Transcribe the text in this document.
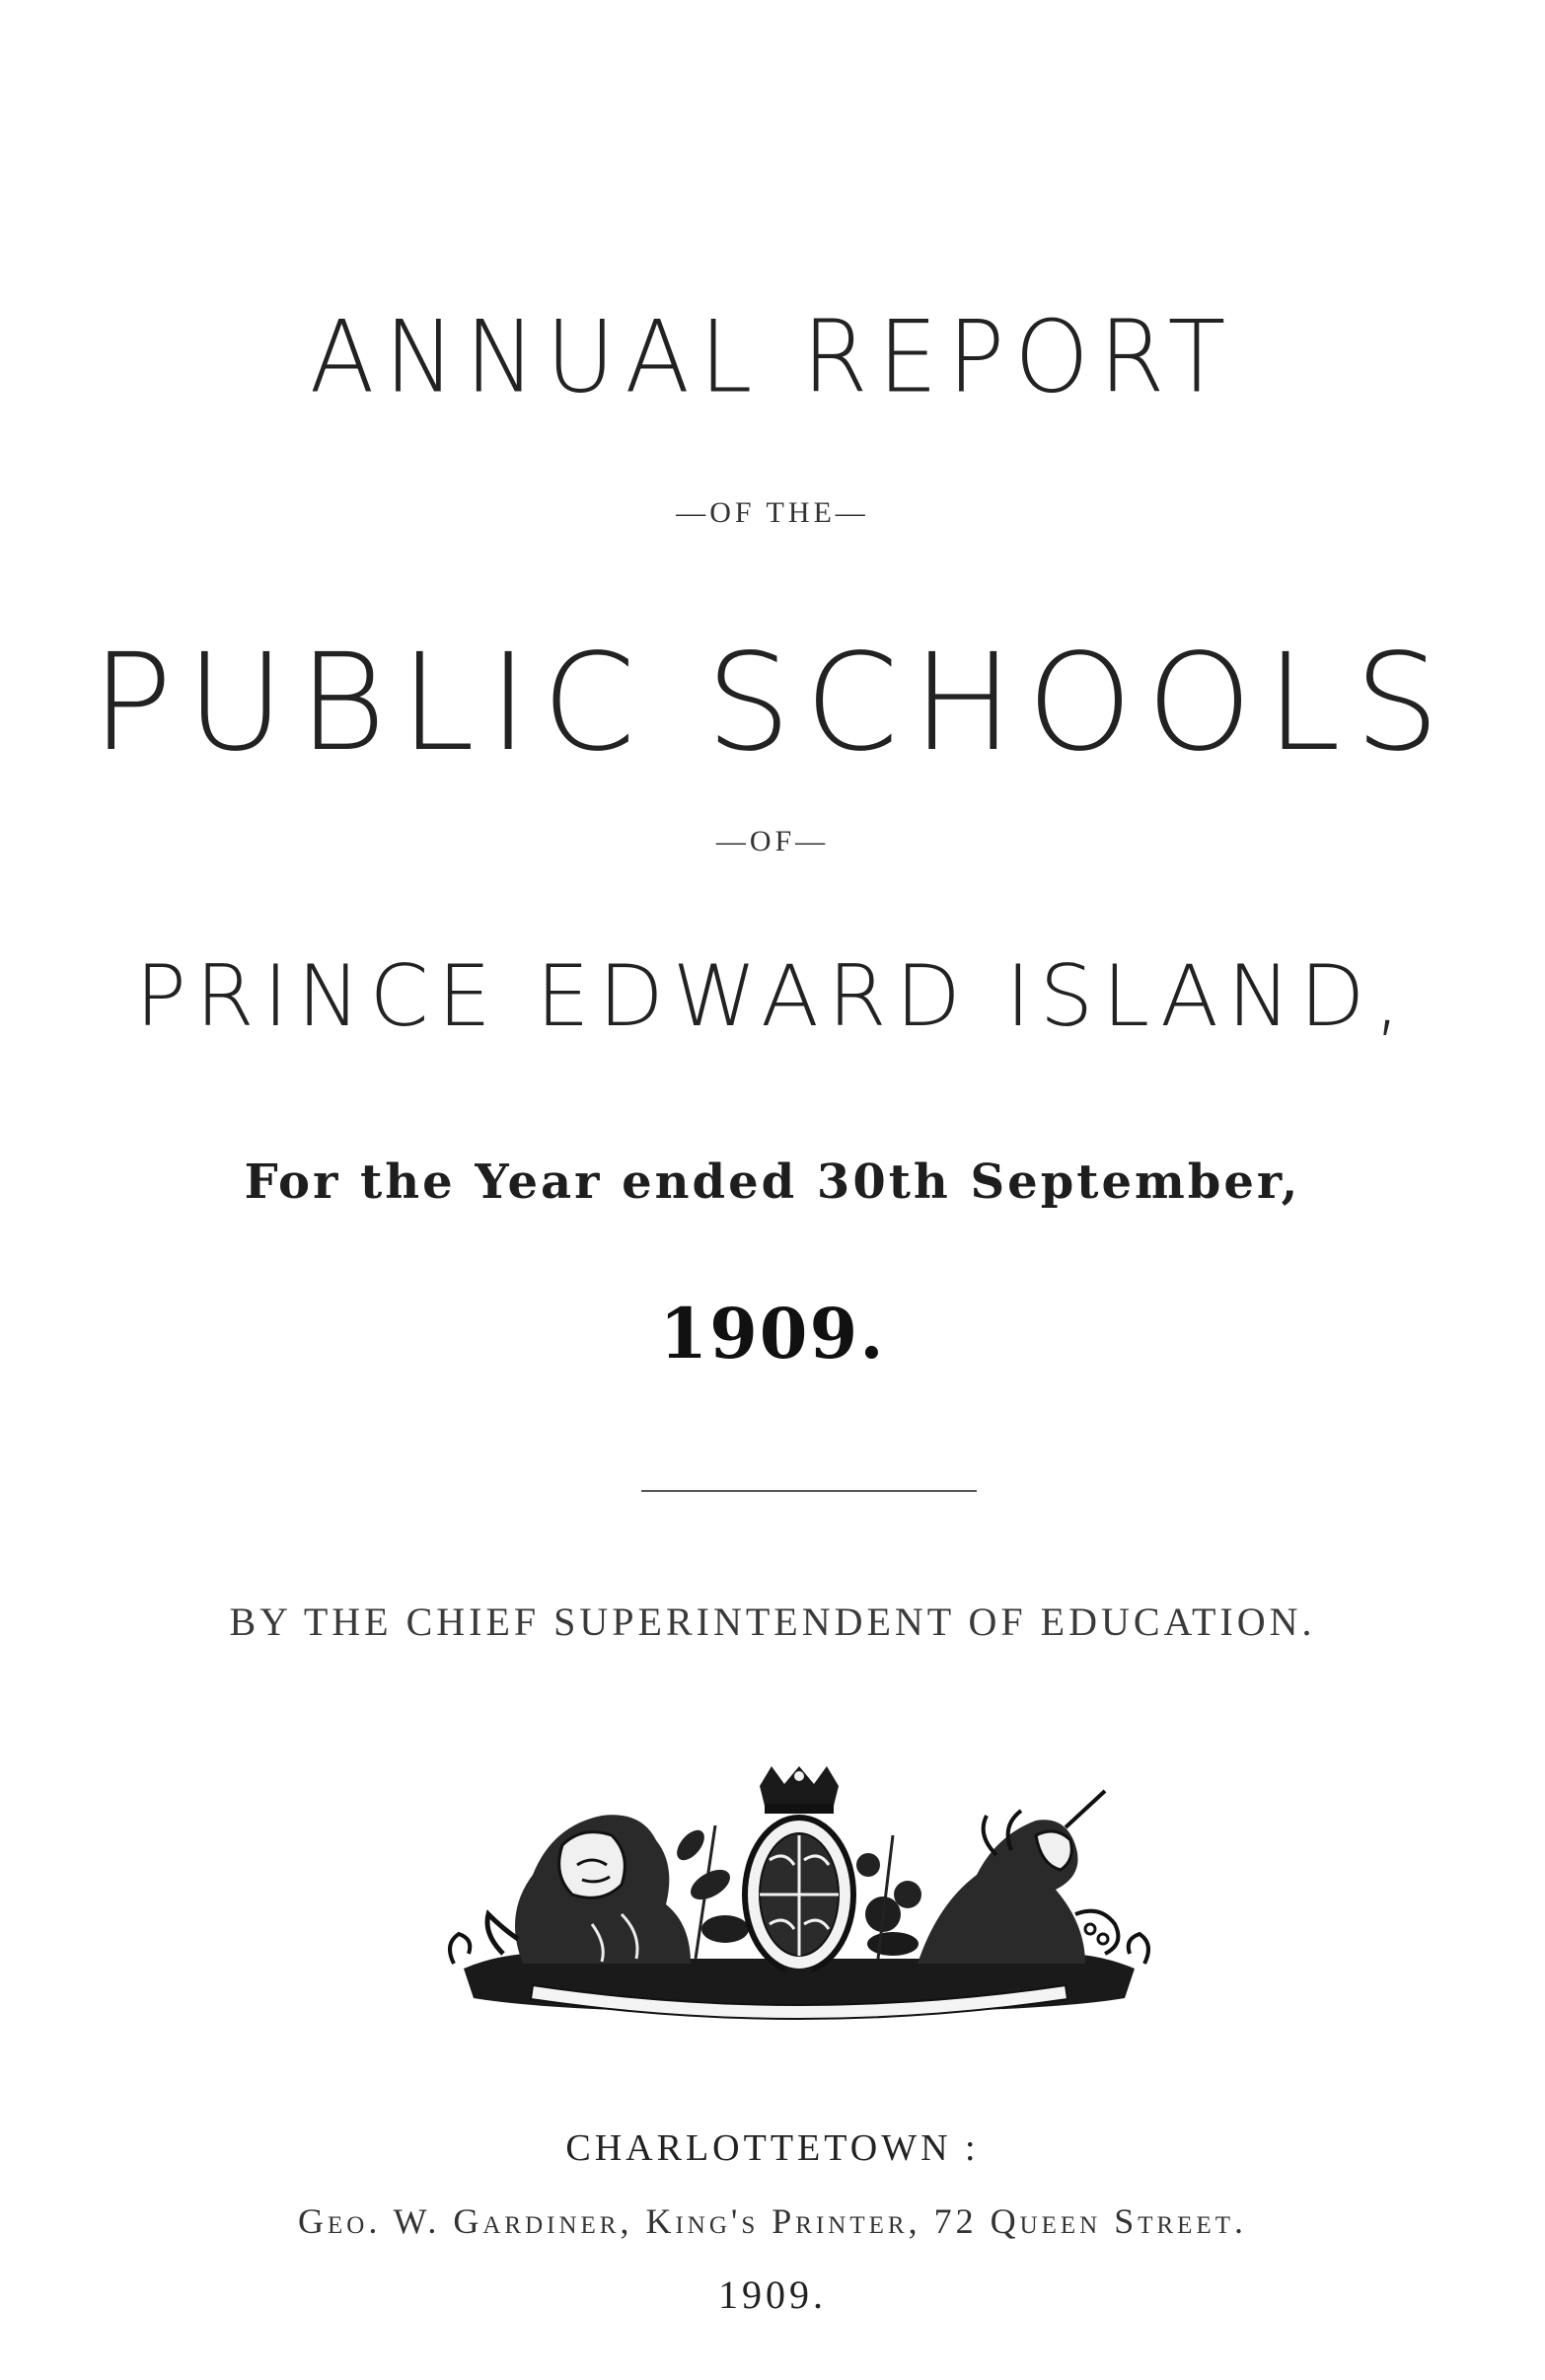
ANNUAL REPORT
—OF THE—
PUBLIC SCHOOLS
—OF—
PRINCE EDWARD ISLAND,
For the Year ended 30th September,
1909.
BY THE CHIEF SUPERINTENDENT OF EDUCATION.
CHARLOTTETOWN :
Geo. W. Gardiner, King's Printer, 72 Queen Street.
1909.
